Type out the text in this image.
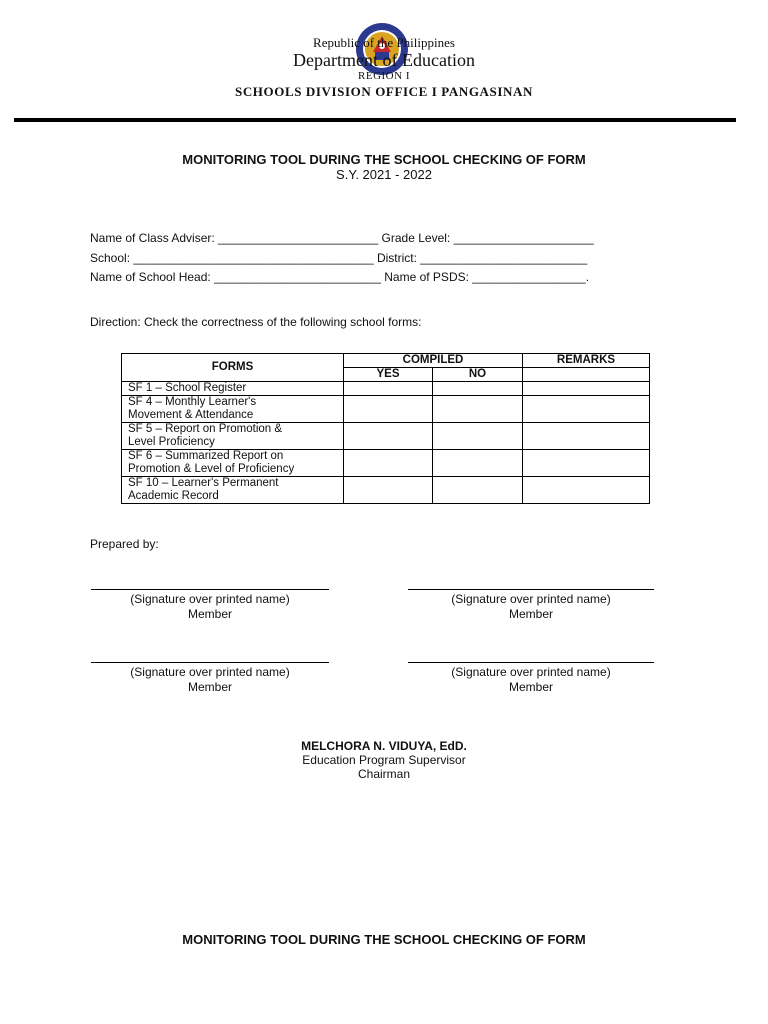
Republic of the Philippines
Department of Education
REGION I
SCHOOLS DIVISION OFFICE I PANGASINAN
MONITORING TOOL DURING THE SCHOOL CHECKING OF FORM
S.Y. 2021 - 2022
Name of Class Adviser: ________________________ Grade Level: _____________________
School: ____________________________________ District: _________________________
Name of School Head: _________________________ Name of PSDS: _________________.
Direction: Check the correctness of the following school forms:
FORMS	COMPILED		REMARKS
	YES	NO	
SF 1 – School Register			

SF 4 – Monthly Learner's
Movement & Attendance			

SF 5 – Report on Promotion &
Level Proficiency			

SF 6 – Summarized Report on
Promotion & Level of Proficiency			

SF 10 – Learner's Permanent
Academic Record			

Prepared by:
(Signature over printed name)
Member
(Signature over printed name)
Member
(Signature over printed name)
Member
(Signature over printed name)
Member
MELCHORA N. VIDUYA, EdD.
Education Program Supervisor
Chairman
MONITORING TOOL DURING THE SCHOOL CHECKING OF FORM
